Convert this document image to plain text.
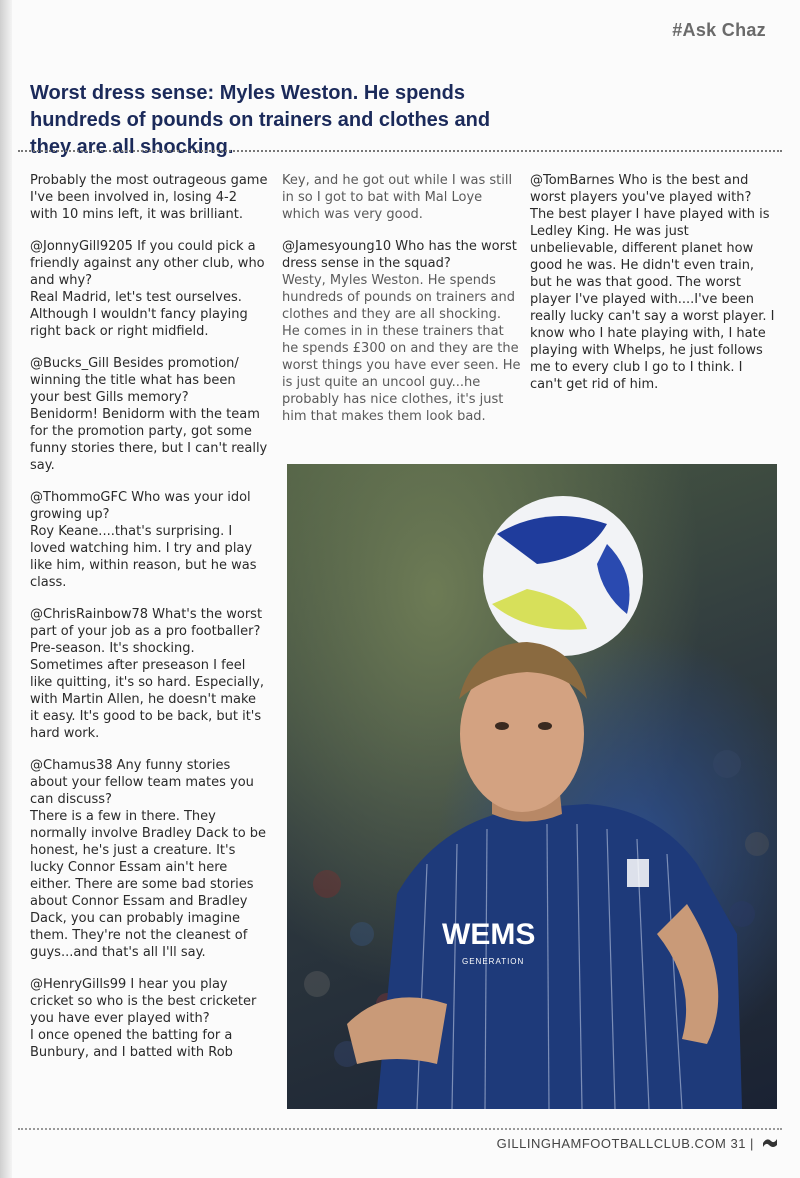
#Ask Chaz
Worst dress sense: Myles Weston. He spends hundreds of pounds on trainers and clothes and they are all shocking.

Probably the most outrageous game I've been involved in, losing 4-2 with 10 mins left, it was brilliant.

@JonnyGill9205 If you could pick a friendly against any other club, who and why?
Real Madrid, let's test ourselves. Although I wouldn't fancy playing right back or right midfield.

@Bucks_Gill Besides promotion/ winning the title what has been your best Gills memory?
Benidorm! Benidorm with the team for the promotion party, got some funny stories there, but I can't really say.

@ThommoGFC Who was your idol growing up?
Roy Keane....that's surprising. I loved watching him. I try and play like him, within reason, but he was class.

@ChrisRainbow78 What's the worst part of your job as a pro footballer?
Pre-season. It's shocking. Sometimes after preseason I feel like quitting, it's so hard. Especially, with Martin Allen, he doesn't make it easy. It's good to be back, but it's hard work.

@Chamus38 Any funny stories about your fellow team mates you can discuss?
There is a few in there. They normally involve Bradley Dack to be honest, he's just a creature. It's lucky Connor Essam ain't here either. There are some bad stories about Connor Essam and Bradley Dack, you can probably imagine them. They're not the cleanest of guys...and that's all I'll say.

@HenryGills99 I hear you play cricket so who is the best cricketer you have ever played with?
I once opened the batting for a Bunbury, and I batted with Rob

Key, and he got out while I was still in so I got to bat with Mal Loye which was very good.

@Jamesyoung10 Who has the worst dress sense in the squad?
Westy, Myles Weston. He spends hundreds of pounds on trainers and clothes and they are all shocking. He comes in in these trainers that he spends £300 on and they are the worst things you have ever seen. He is just quite an uncool guy...he probably has nice clothes, it's just him that makes them look bad.

@TomBarnes Who is the best and worst players you've played with?
The best player I have played with is Ledley King. He was just unbelievable, different planet how good he was. He didn't even train, but he was that good. The worst player I've played with....I've been really lucky can't say a worst player. I know who I hate playing with, I hate playing with Whelps, he just follows me to every club I go to I think. I can't get rid of him.

WEMS
GENERATION
GILLINGHAMFOOTBALLCLUB.COM 31 |
